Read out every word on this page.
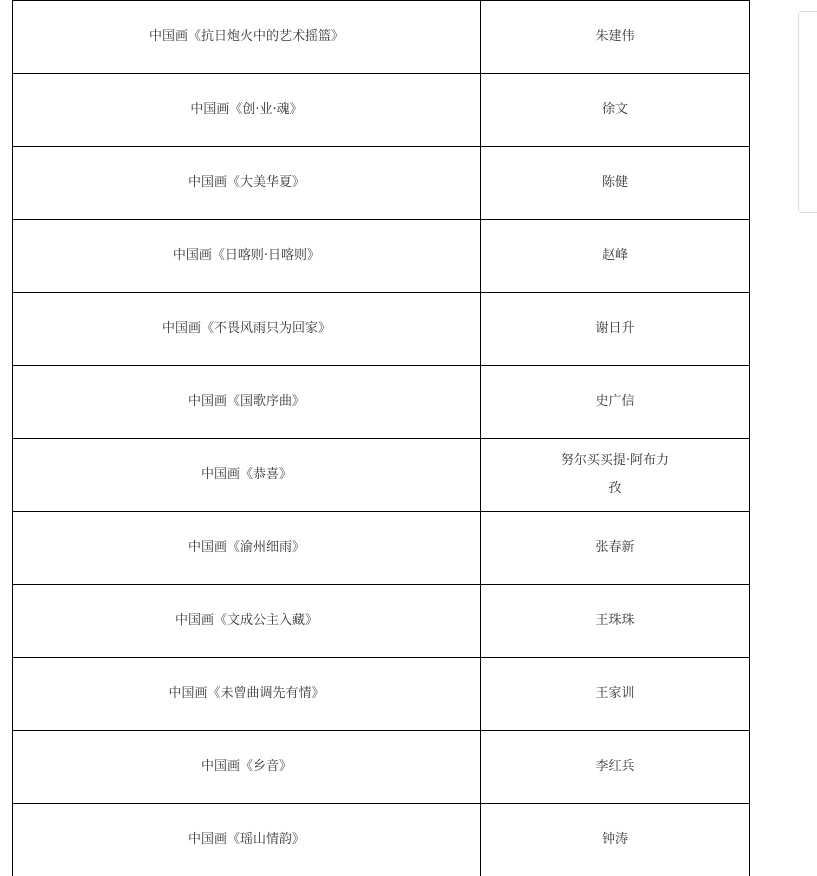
中国画《抗日炮火中的艺术摇篮》	朱建伟
中国画《创·业·魂》	徐文
中国画《大美华夏》	陈健
中国画《日喀则·日喀则》	赵峰
中国画《不畏风雨只为回家》	谢日升
中国画《国歌序曲》	史广信
中国画《恭喜》	努尔买买提·阿布力孜
中国画《渝州细雨》	张春新
中国画《文成公主入藏》	王珠珠
中国画《未曾曲调先有情》	王家训
中国画《乡音》	李红兵
中国画《瑶山情韵》	钟涛
